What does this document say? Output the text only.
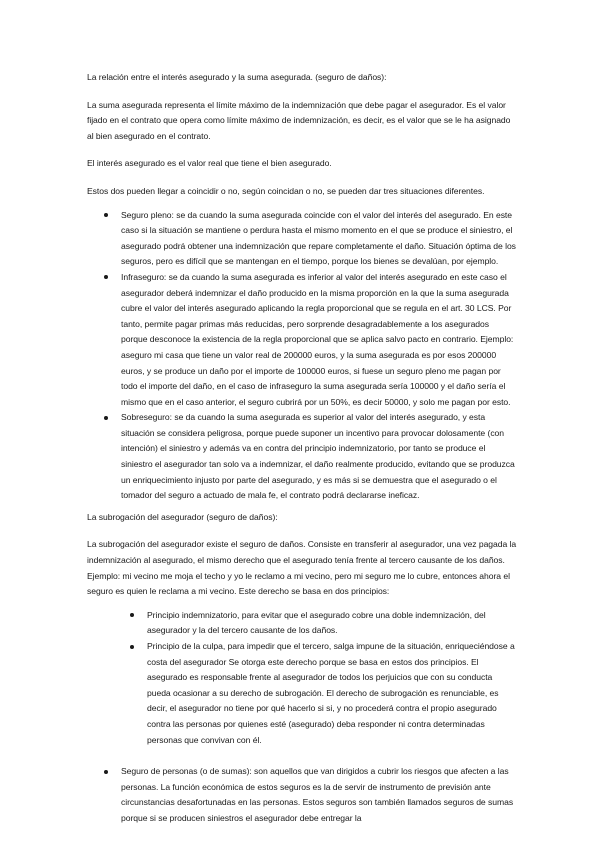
La relación entre el interés asegurado y la suma asegurada. (seguro de daños):

La suma asegurada representa el límite máximo de la indemnización que debe pagar el asegurador. Es el valor fijado en el contrato que opera como límite máximo de indemnización, es decir, es el valor que se le ha asignado al bien asegurado en el contrato.

El interés asegurado es el valor real que tiene el bien asegurado.

Estos dos pueden llegar a coincidir o no, según coincidan o no, se pueden dar tres situaciones diferentes.

Seguro pleno: se da cuando la suma asegurada coincide con el valor del interés del asegurado. En este caso si la situación se mantiene o perdura hasta el mismo momento en el que se produce el siniestro, el asegurado podrá obtener una indemnización que repare completamente el daño. Situación óptima de los seguros, pero es difícil que se mantengan en el tiempo, porque los bienes se devalúan, por ejemplo.
Infraseguro: se da cuando la suma asegurada es inferior al valor del interés asegurado en este caso el asegurador deberá indemnizar el daño producido en la misma proporción en la que la suma asegurada cubre el valor del interés asegurado aplicando la regla proporcional que se regula en el art. 30 LCS. Por tanto, permite pagar primas más reducidas, pero sorprende desagradablemente a los asegurados porque desconoce la existencia de la regla proporcional que se aplica salvo pacto en contrario. Ejemplo: aseguro mi casa que tiene un valor real de 200000 euros, y la suma asegurada es por esos 200000 euros, y se produce un daño por el importe de 100000 euros, si fuese un seguro pleno me pagan por todo el importe del daño, en el caso de infraseguro la suma asegurada sería 100000 y el daño sería el mismo que en el caso anterior, el seguro cubrirá por un 50%, es decir 50000, y solo me pagan por esto.
Sobreseguro: se da cuando la suma asegurada es superior al valor del interés asegurado, y esta situación se considera peligrosa, porque puede suponer un incentivo para provocar dolosamente (con intención) el siniestro y además va en contra del principio indemnizatorio, por tanto se produce el siniestro el asegurador tan solo va a indemnizar, el daño realmente producido, evitando que se produzca un enriquecimiento injusto por parte del asegurado, y es más si se demuestra que el asegurado o el tomador del seguro a actuado de mala fe, el contrato podrá declararse ineficaz.

La subrogación del asegurador (seguro de daños):

La subrogación del asegurador existe el seguro de daños. Consiste en transferir al asegurador, una vez pagada la indemnización al asegurado, el mismo derecho que el asegurado tenía frente al tercero causante de los daños. Ejemplo: mi vecino me moja el techo y yo le reclamo a mi vecino, pero mi seguro me lo cubre, entonces ahora el seguro es quien le reclama a mi vecino. Este derecho se basa en dos principios:

Principio indemnizatorio, para evitar que el asegurado cobre una doble indemnización, del asegurador y la del tercero causante de los daños.
Principio de la culpa, para impedir que el tercero, salga impune de la situación, enriqueciéndose a costa del asegurador Se otorga este derecho porque se basa en estos dos principios. El asegurado es responsable frente al asegurador de todos los perjuicios que con su conducta pueda ocasionar a su derecho de subrogación. El derecho de subrogación es renunciable, es decir, el asegurador no tiene por qué hacerlo si si, y no procederá contra el propio asegurado contra las personas por quienes esté (asegurado) deba responder ni contra determinadas personas que convivan con él.
Seguro de personas (o de sumas): son aquellos que van dirigidos a cubrir los riesgos que afecten a las personas. La función económica de estos seguros es la de servir de instrumento de previsión ante circunstancias desafortunadas en las personas. Estos seguros son también llamados seguros de sumas porque si se producen siniestros el asegurador debe entregar la
